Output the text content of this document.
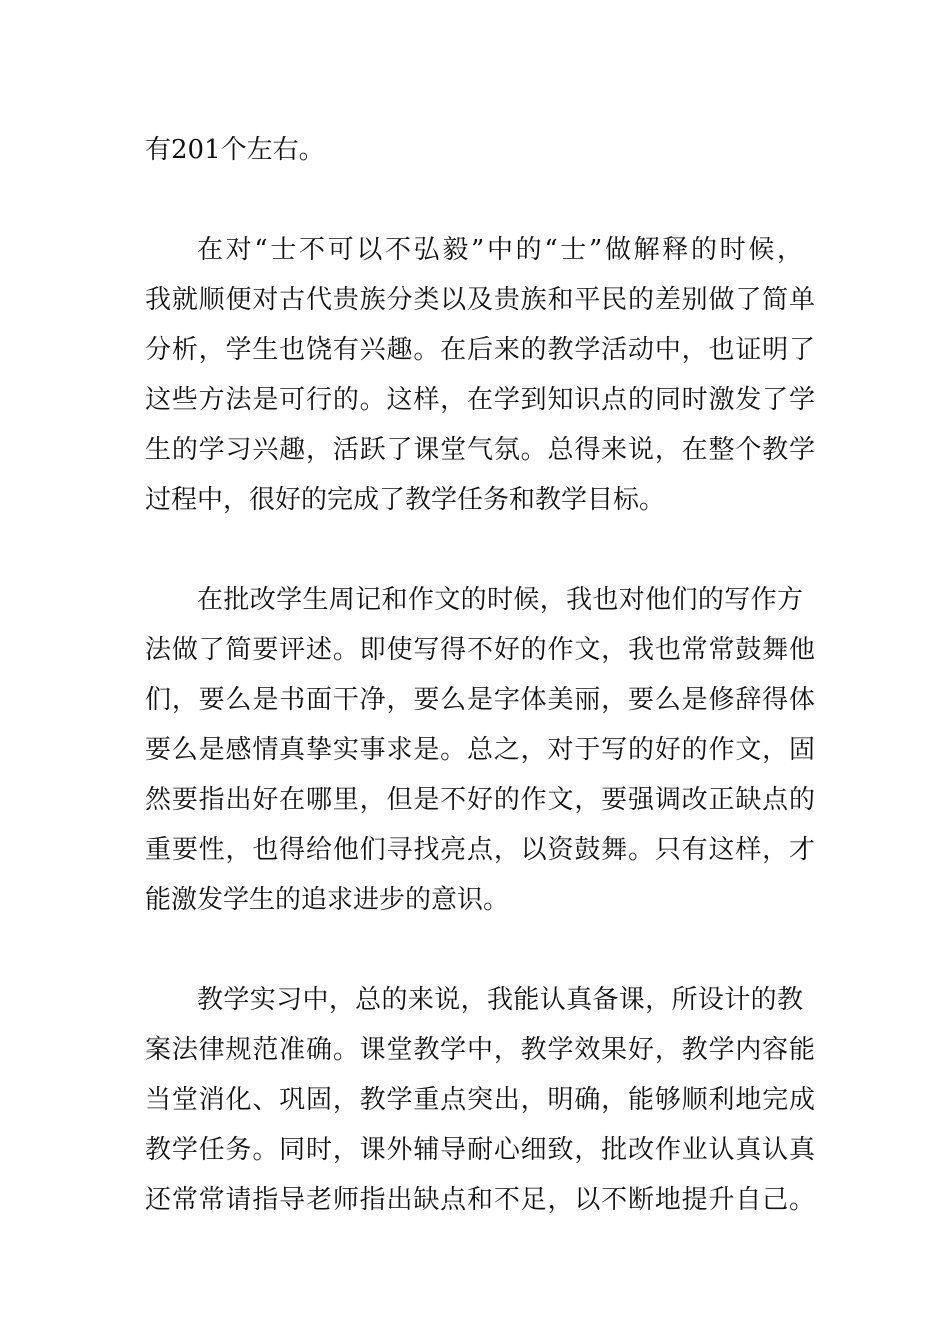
有201个左右。
在对“士不可以不弘毅”中的“士”做解释的时候，
我就顺便对古代贵族分类以及贵族和平民的差别做了简单
分析，学生也饶有兴趣。在后来的教学活动中，也证明了
这些方法是可行的。这样，在学到知识点的同时激发了学
生的学习兴趣，活跃了课堂气氛。总得来说，在整个教学
过程中，很好的完成了教学任务和教学目标。
在批改学生周记和作文的时候，我也对他们的写作方
法做了简要评述。即使写得不好的作文，我也常常鼓舞他
们，要么是书面干净，要么是字体美丽，要么是修辞得体
要么是感情真挚实事求是。总之，对于写的好的作文，固
然要指出好在哪里，但是不好的作文，要强调改正缺点的
重要性，也得给他们寻找亮点，以资鼓舞。只有这样，才
能激发学生的追求进步的意识。
教学实习中，总的来说，我能认真备课，所设计的教
案法律规范准确。课堂教学中，教学效果好，教学内容能
当堂消化、巩固，教学重点突出，明确，能够顺利地完成
教学任务。同时，课外辅导耐心细致，批改作业认真认真
还常常请指导老师指出缺点和不足，以不断地提升自己。
